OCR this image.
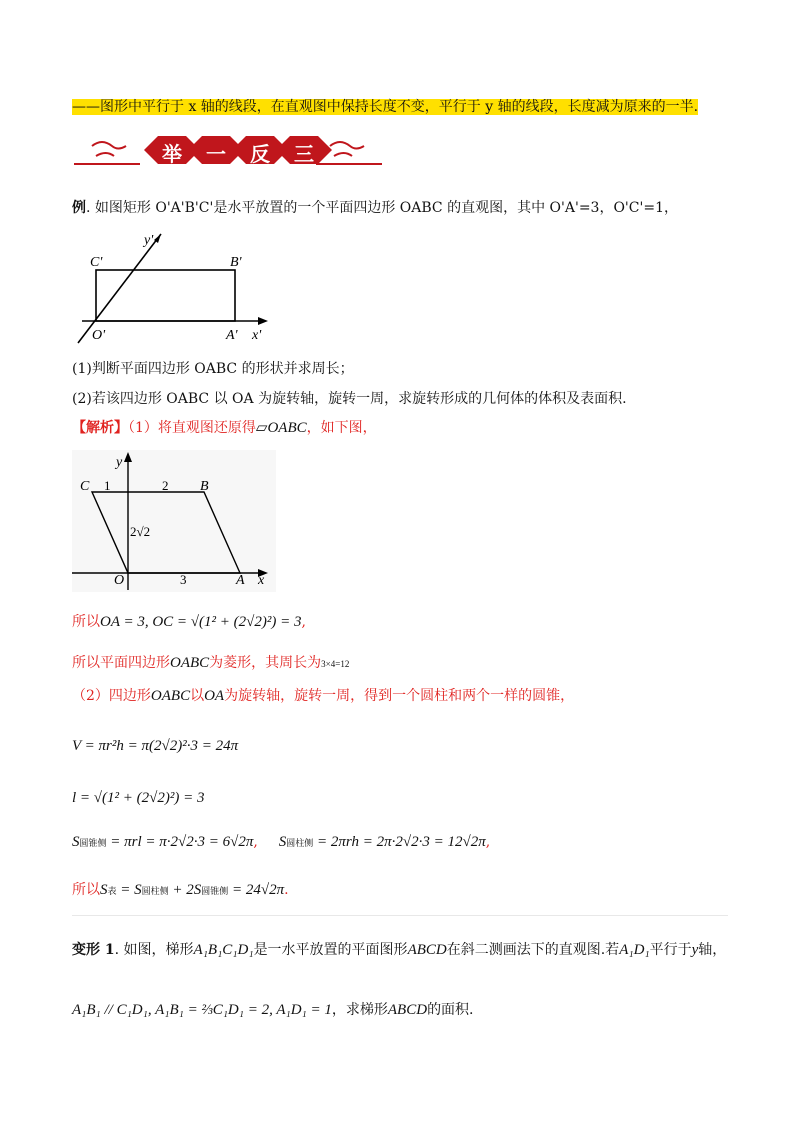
——图形中平行于 x 轴的线段，在直观图中保持长度不变，平行于 y 轴的线段，长度减为原来的一半.
举 一 反 三
例. 如图矩形 O'A'B'C'是水平放置的一个平面四边形 OABC 的直观图，其中 O'A'=3，O'C'=1，
y'
x'
C'	B'
O'	A'
(1)判断平面四边形 OABC 的形状并求周长；
(2)若该四边形 OABC 以 OA 为旋转轴，旋转一周，求旋转形成的几何体的体积及表面积.
【解析】（1）将直观图还原得▱OABC，如下图，
y
x
C	B
O	A
1	2
3
2√2
所以OA = 3, OC = √(1² + (2√2)²) = 3,
所以平面四边形OABC为菱形，其周长为3×4=12
（2）四边形OABC以OA为旋转轴，旋转一周，得到一个圆柱和两个一样的圆锥，
V = πr²h = π(2√2)²·3 = 24π
l = √(1² + (2√2)²) = 3
S圆锥侧 = πrl = π·2√2·3 = 6√2π, S圆柱侧 = 2πrh = 2π·2√2·3 = 12√2π,
所以S表 = S圆柱侧 + 2S圆锥侧 = 24√2π.
变形 1. 如图，梯形A₁B₁C₁D₁是一水平放置的平面图形ABCD在斜二测画法下的直观图.若A₁D₁平行于y轴，
A₁B₁ // C₁D₁, A₁B₁ = ⅔C₁D₁ = 2, A₁D₁ = 1，求梯形ABCD的面积.
